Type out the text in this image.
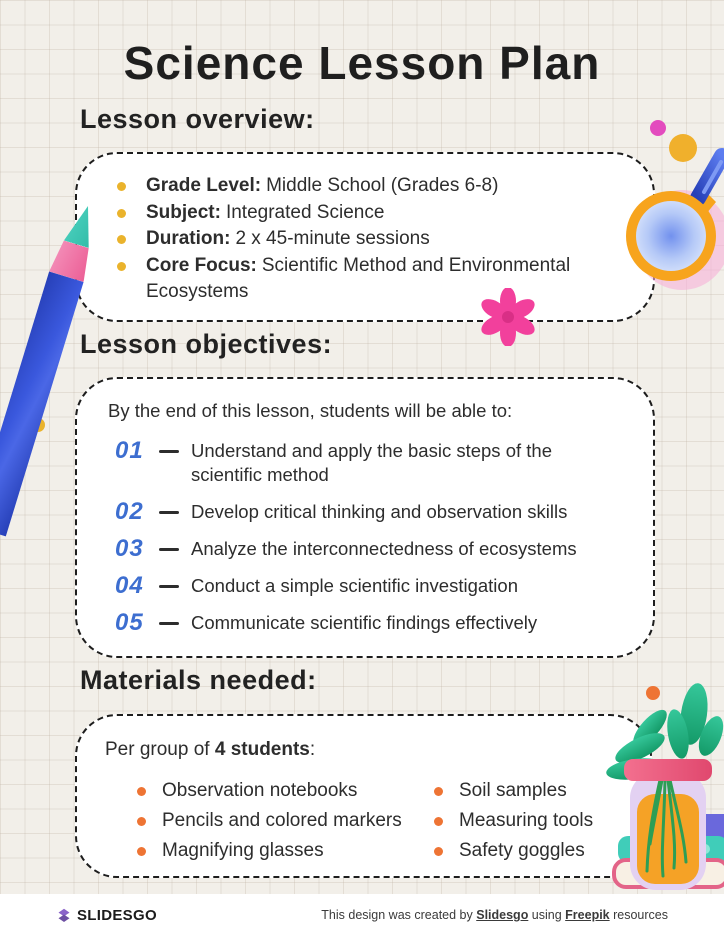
Science Lesson Plan
Lesson overview:
Lesson objectives:
Materials needed:
Grade Level: Middle School (Grades 6-8)
Subject: Integrated Science
Duration: 2 x 45-minute sessions
Core Focus: Scientific Method and Environmental Ecosystems

By the end of this lesson, students will be able to:

01	Understand and apply the basic steps of the scientific method
02	Develop critical thinking and observation skills
03	Analyze the interconnectedness of ecosystems
04	Conduct a simple scientific investigation
05	Communicate scientific findings effectively

Per group of 4 students:

Observation notebooks
Pencils and colored markers
Magnifying glasses
Soil samples
Measuring tools
Safety goggles
SLIDESGO	This design was created by Slidesgo using Freepik resources
